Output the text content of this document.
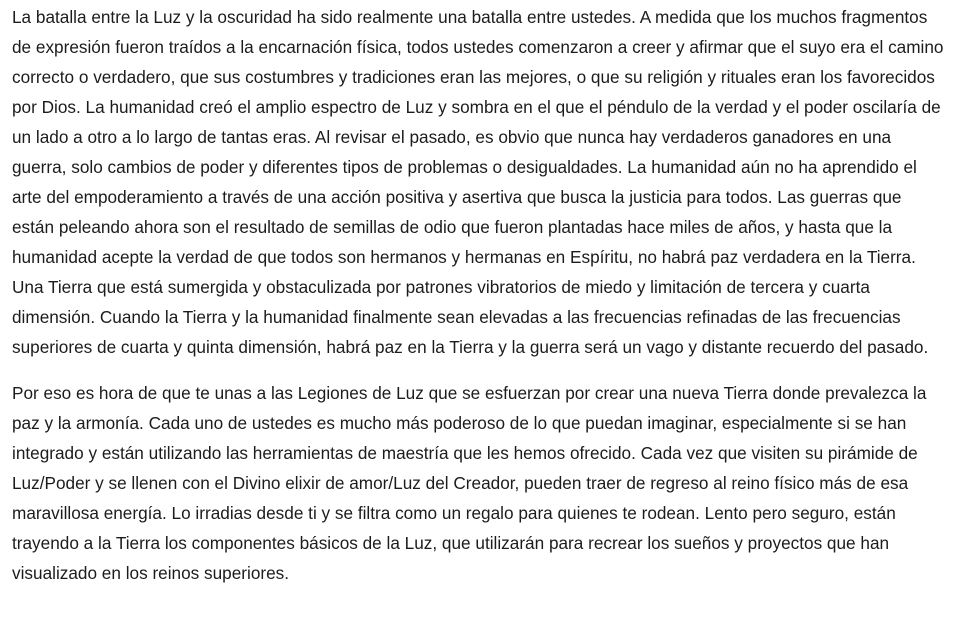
La batalla entre la Luz y la oscuridad ha sido realmente una batalla entre ustedes. A medida que los muchos fragmentos de expresión fueron traídos a la encarnación física, todos ustedes comenzaron a creer y afirmar que el suyo era el camino correcto o verdadero, que sus costumbres y tradiciones eran las mejores, o que su religión y rituales eran los favorecidos por Dios. La humanidad creó el amplio espectro de Luz y sombra en el que el péndulo de la verdad y el poder oscilaría de un lado a otro a lo largo de tantas eras. Al revisar el pasado, es obvio que nunca hay verdaderos ganadores en una guerra, solo cambios de poder y diferentes tipos de problemas o desigualdades. La humanidad aún no ha aprendido el arte del empoderamiento a través de una acción positiva y asertiva que busca la justicia para todos. Las guerras que están peleando ahora son el resultado de semillas de odio que fueron plantadas hace miles de años, y hasta que la humanidad acepte la verdad de que todos son hermanos y hermanas en Espíritu, no habrá paz verdadera en la Tierra. Una Tierra que está sumergida y obstaculizada por patrones vibratorios de miedo y limitación de tercera y cuarta dimensión. Cuando la Tierra y la humanidad finalmente sean elevadas a las frecuencias refinadas de las frecuencias superiores de cuarta y quinta dimensión, habrá paz en la Tierra y la guerra será un vago y distante recuerdo del pasado.

Por eso es hora de que te unas a las Legiones de Luz que se esfuerzan por crear una nueva Tierra donde prevalezca la paz y la armonía. Cada uno de ustedes es mucho más poderoso de lo que puedan imaginar, especialmente si se han integrado y están utilizando las herramientas de maestría que les hemos ofrecido. Cada vez que visiten su pirámide de Luz/Poder y se llenen con el Divino elixir de amor/Luz del Creador, pueden traer de regreso al reino físico más de esa maravillosa energía. Lo irradias desde ti y se filtra como un regalo para quienes te rodean. Lento pero seguro, están trayendo a la Tierra los componentes básicos de la Luz, que utilizarán para recrear los sueños y proyectos que han visualizado en los reinos superiores.
